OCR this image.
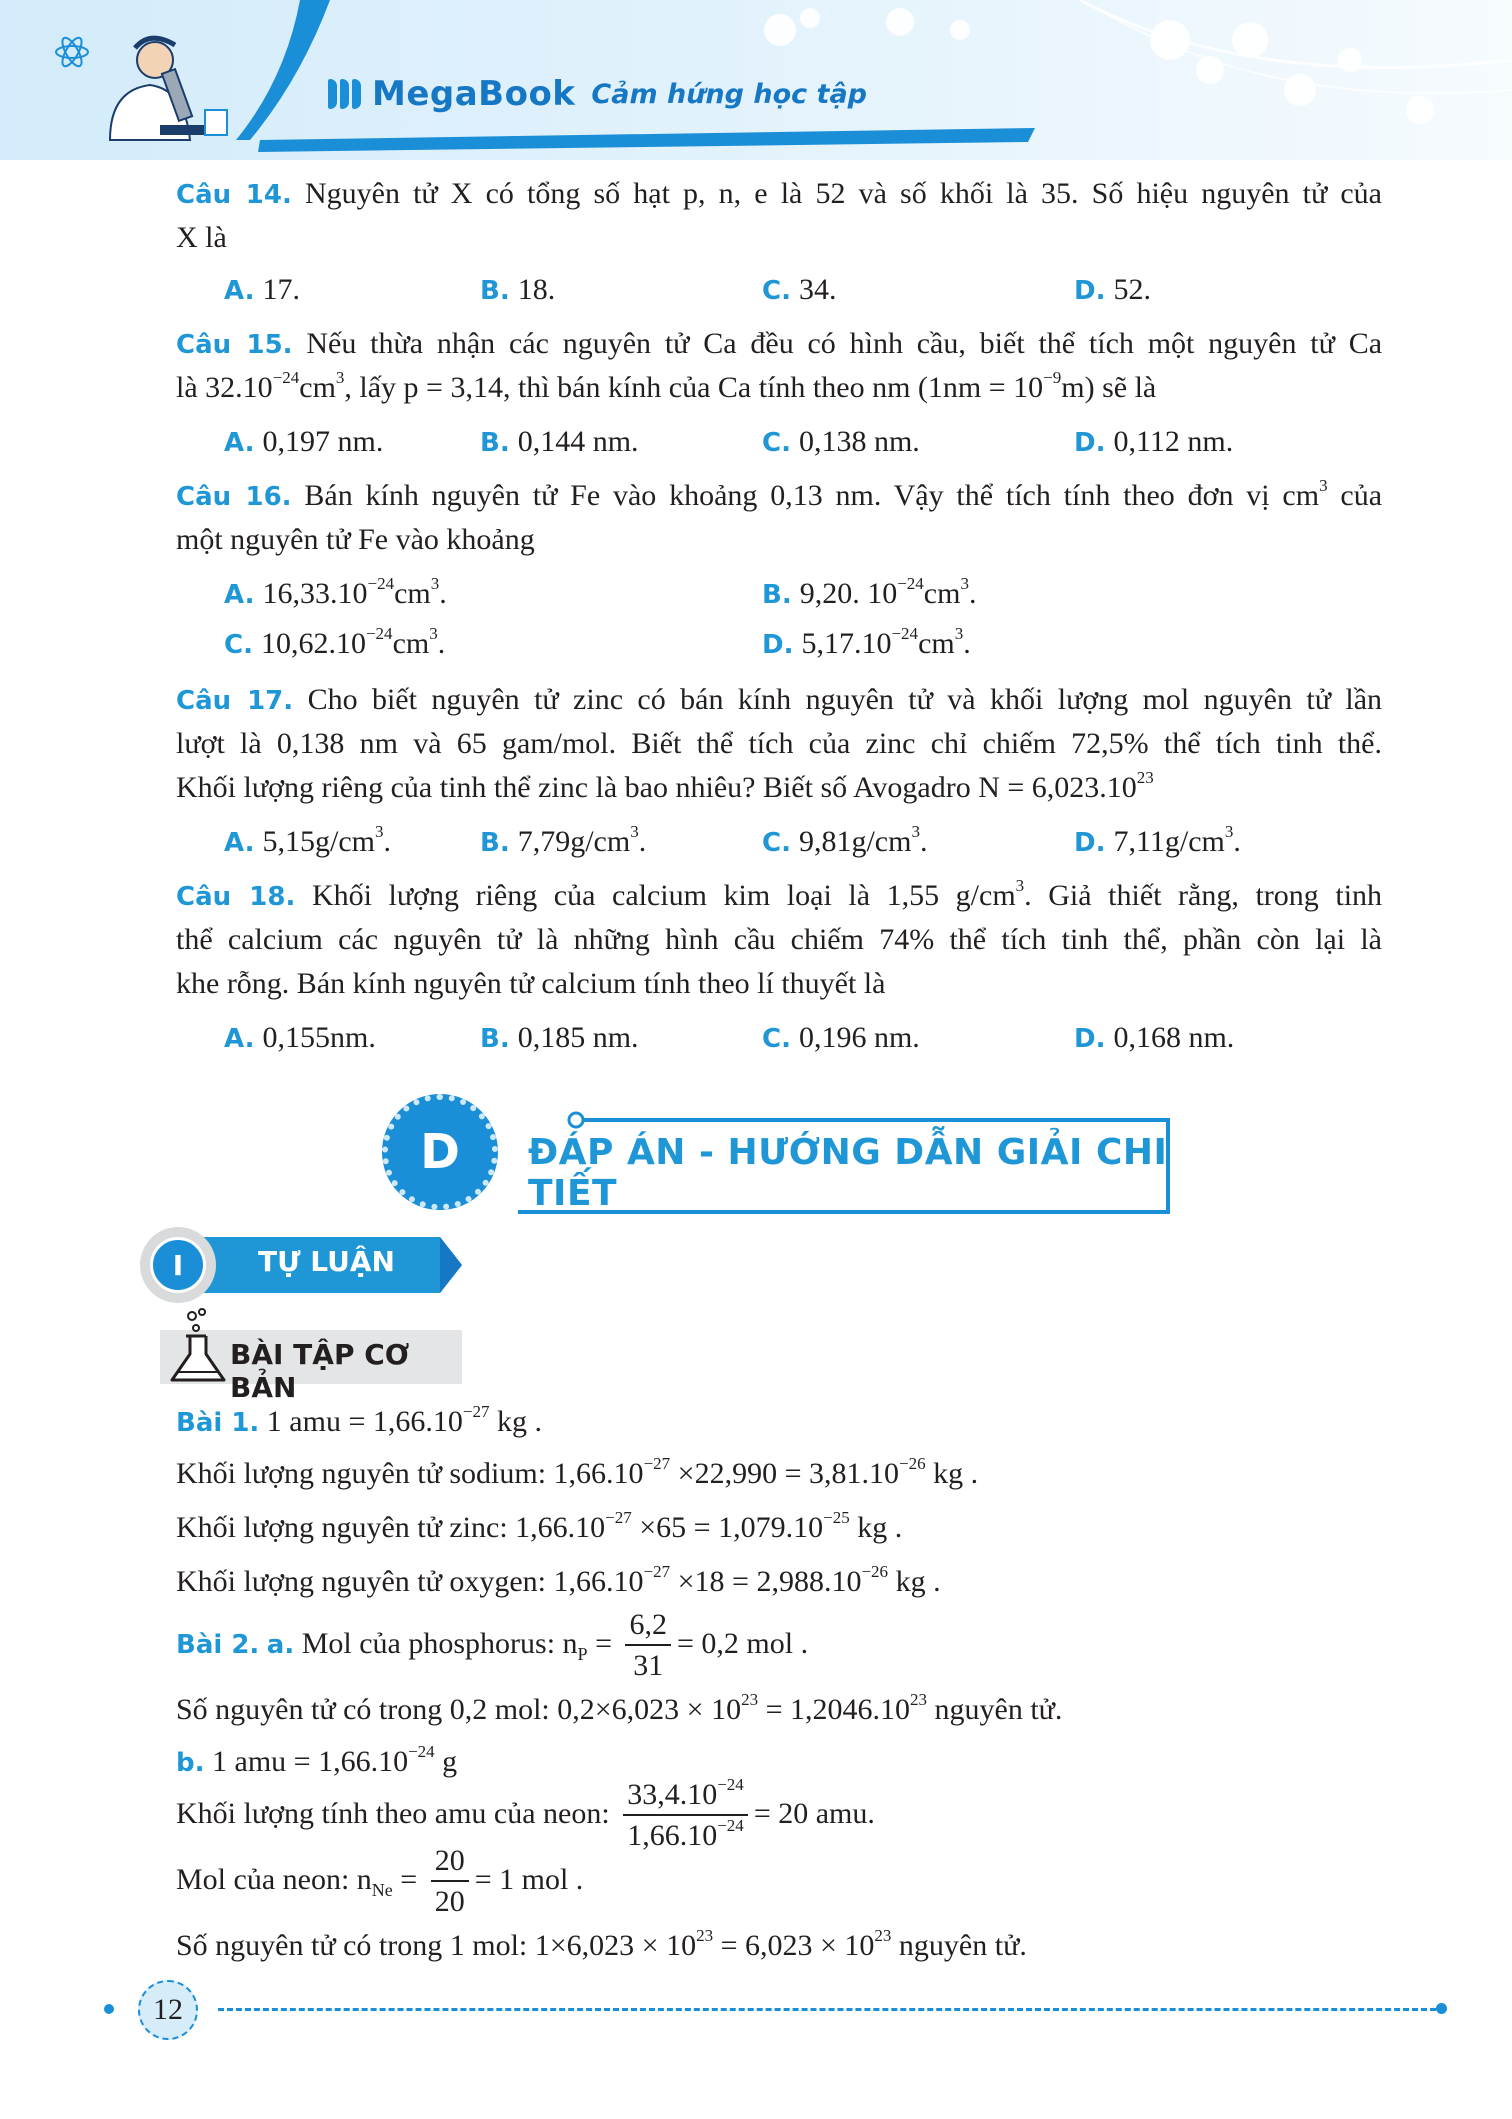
MegaBook Cảm hứng học tập
Câu 14. Nguyên tử X có tổng số hạt p, n, e là 52 và số khối là 35. Số hiệu nguyên tử của
X là
A. 17.	B. 18.	C. 34.	D. 52.
Câu 15. Nếu thừa nhận các nguyên tử Ca đều có hình cầu, biết thể tích một nguyên tử Ca
là $32.10^{-24}cm^3$, lấy p = 3,14, thì bán kính của Ca tính theo nm $(1nm = 10^{-9}m)$ sẽ là
A. 0,197 nm.	B. 0,144 nm.	C. 0,138 nm.	D. 0,112 nm.
Câu 16. Bán kính nguyên tử Fe vào khoảng 0,13 nm. Vậy thể tích tính theo đơn vị $cm^3$ của
một nguyên tử Fe vào khoảng
A. $16,33.10^{-24}cm^3$.	B. 9,20. $10^{-24}cm^3$.
C. $10,62.10^{-24}cm^3$.	D. $5,17.10^{-24}cm^3$.
Câu 17. Cho biết nguyên tử zinc có bán kính nguyên tử và khối lượng mol nguyên tử lần
lượt là 0,138 nm và 65 gam/mol. Biết thể tích của zinc chỉ chiếm 72,5% thể tích tinh thể.
Khối lượng riêng của tinh thể zinc là bao nhiêu? Biết số Avogadro $N = 6,023.10^{23}$
A. $5,15g/cm^3$.	B. $7,79g/cm^3$.	C. $9,81g/cm^3$.	D. $7,11g/cm^3$.
Câu 18. Khối lượng riêng của calcium kim loại là 1,55 $g/cm^3$. Giả thiết rằng, trong tinh
thể calcium các nguyên tử là những hình cầu chiếm 74% thể tích tinh thể, phần còn lại là
khe rỗng. Bán kính nguyên tử calcium tính theo lí thuyết là
A. 0,155nm.	B. 0,185 nm.	C. 0,196 nm.	D. 0,168 nm.
D	ĐÁP ÁN - HƯỚNG DẪN GIẢI CHI TIẾT
I	TỰ LUẬN
BÀI TẬP CƠ BẢN
Bài 1. 1 amu = $1,66.10^{-27}$ kg .
Khối lượng nguyên tử sodium: $1,66.10^{-27} \times 22,990 = 3,81.10^{-26}$ kg .
Khối lượng nguyên tử zinc: $1,66.10^{-27} \times 65 = 1,079.10^{-25}$ kg .
Khối lượng nguyên tử oxygen: $1,66.10^{-27} \times 18 = 2,988.10^{-26}$ kg .
Bài 2. a. Mol của phosphorus: $n_P = \frac{6,2}{31} = 0,2$ mol .
Số nguyên tử có trong 0,2 mol: $0,2\times 6,023 \times 10^{23} = 1,2046.10^{23}$ nguyên tử.
b. 1 amu = $1,66.10^{-24}$ g
Khối lượng tính theo amu của neon: $\frac{33,4.10^{-24}}{1,66.10^{-24}} = 20$ amu.
Mol của neon: $n_{Ne} = \frac{20}{20} = 1$ mol .
Số nguyên tử có trong 1 mol: $1\times 6,023 \times 10^{23} = 6,023 \times 10^{23}$ nguyên tử.
12
